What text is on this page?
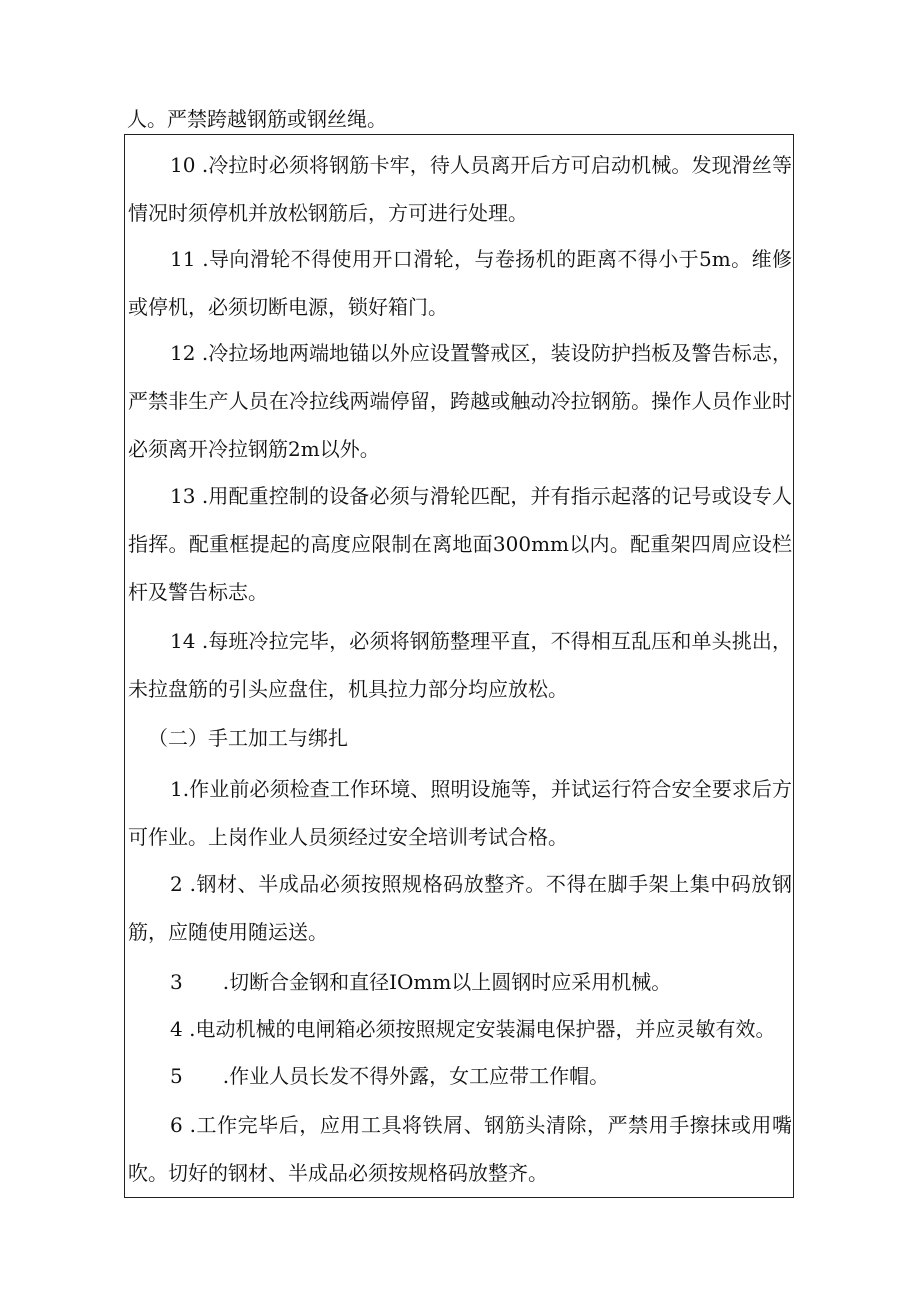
人。严禁跨越钢筋或钢丝绳。

10 .冷拉时必须将钢筋卡牢，待人员离开后方可启动机械。发现滑丝等情况时须停机并放松钢筋后，方可进行处理。

11 .导向滑轮不得使用开口滑轮，与卷扬机的距离不得小于5m。维修或停机，必须切断电源，锁好箱门。

12 .冷拉场地两端地锚以外应设置警戒区，装设防护挡板及警告标志，严禁非生产人员在冷拉线两端停留，跨越或触动冷拉钢筋。操作人员作业时必须离开冷拉钢筋2m以外。

13 .用配重控制的设备必须与滑轮匹配，并有指示起落的记号或设专人指挥。配重框提起的高度应限制在离地面300mm以内。配重架四周应设栏杆及警告标志。

14 .每班冷拉完毕，必须将钢筋整理平直，不得相互乱压和单头挑出，未拉盘筋的引头应盘住，机具拉力部分均应放松。

（二）手工加工与绑扎

1.作业前必须检查工作环境、照明设施等，并试运行符合安全要求后方可作业。上岗作业人员须经过安全培训考试合格。

2 .钢材、半成品必须按照规格码放整齐。不得在脚手架上集中码放钢筋，应随使用随运送。

3　　.切断合金钢和直径IOmm以上圆钢时应采用机械。

4 .电动机械的电闸箱必须按照规定安装漏电保护器，并应灵敏有效。

5　　.作业人员长发不得外露，女工应带工作帽。

6 .工作完毕后，应用工具将铁屑、钢筋头清除，严禁用手擦抹或用嘴吹。切好的钢材、半成品必须按规格码放整齐。
